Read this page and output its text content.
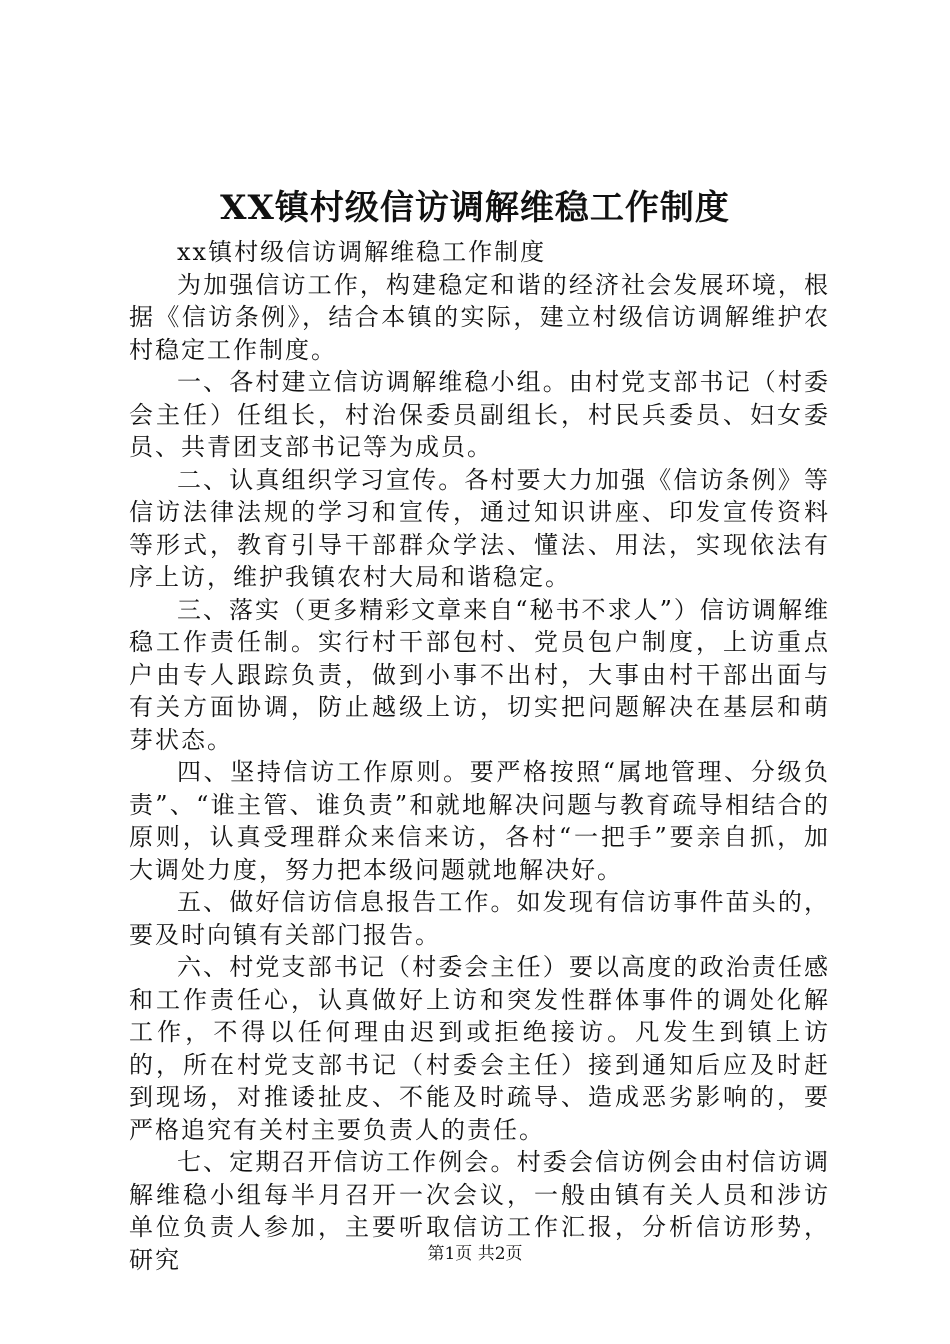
XX镇村级信访调解维稳工作制度

xx镇村级信访调解维稳工作制度

为加强信访工作，构建稳定和谐的经济社会发展环境，根据《信访条例》，结合本镇的实际，建立村级信访调解维护农村稳定工作制度。

一、各村建立信访调解维稳小组。由村党支部书记（村委会主任）任组长，村治保委员副组长，村民兵委员、妇女委员、共青团支部书记等为成员。

二、认真组织学习宣传。各村要大力加强《信访条例》等信访法律法规的学习和宣传，通过知识讲座、印发宣传资料等形式，教育引导干部群众学法、懂法、用法，实现依法有序上访，维护我镇农村大局和谐稳定。

三、落实（更多精彩文章来自“秘书不求人”）信访调解维稳工作责任制。实行村干部包村、党员包户制度，上访重点户由专人跟踪负责，做到小事不出村，大事由村干部出面与有关方面协调，防止越级上访，切实把问题解决在基层和萌芽状态。

四、坚持信访工作原则。要严格按照“属地管理、分级负责”、“谁主管、谁负责”和就地解决问题与教育疏导相结合的原则，认真受理群众来信来访，各村“一把手”要亲自抓，加大调处力度，努力把本级问题就地解决好。

五、做好信访信息报告工作。如发现有信访事件苗头的，要及时向镇有关部门报告。

六、村党支部书记（村委会主任）要以高度的政治责任感和工作责任心，认真做好上访和突发性群体事件的调处化解工作，不得以任何理由迟到或拒绝接访。凡发生到镇上访的，所在村党支部书记（村委会主任）接到通知后应及时赶到现场，对推诿扯皮、不能及时疏导、造成恶劣影响的，要严格追究有关村主要负责人的责任。

七、定期召开信访工作例会。村委会信访例会由村信访调解维稳小组每半月召开一次会议，一般由镇有关人员和涉访单位负责人参加，主要听取信访工作汇报，分析信访形势，研究	第1页 共2页
